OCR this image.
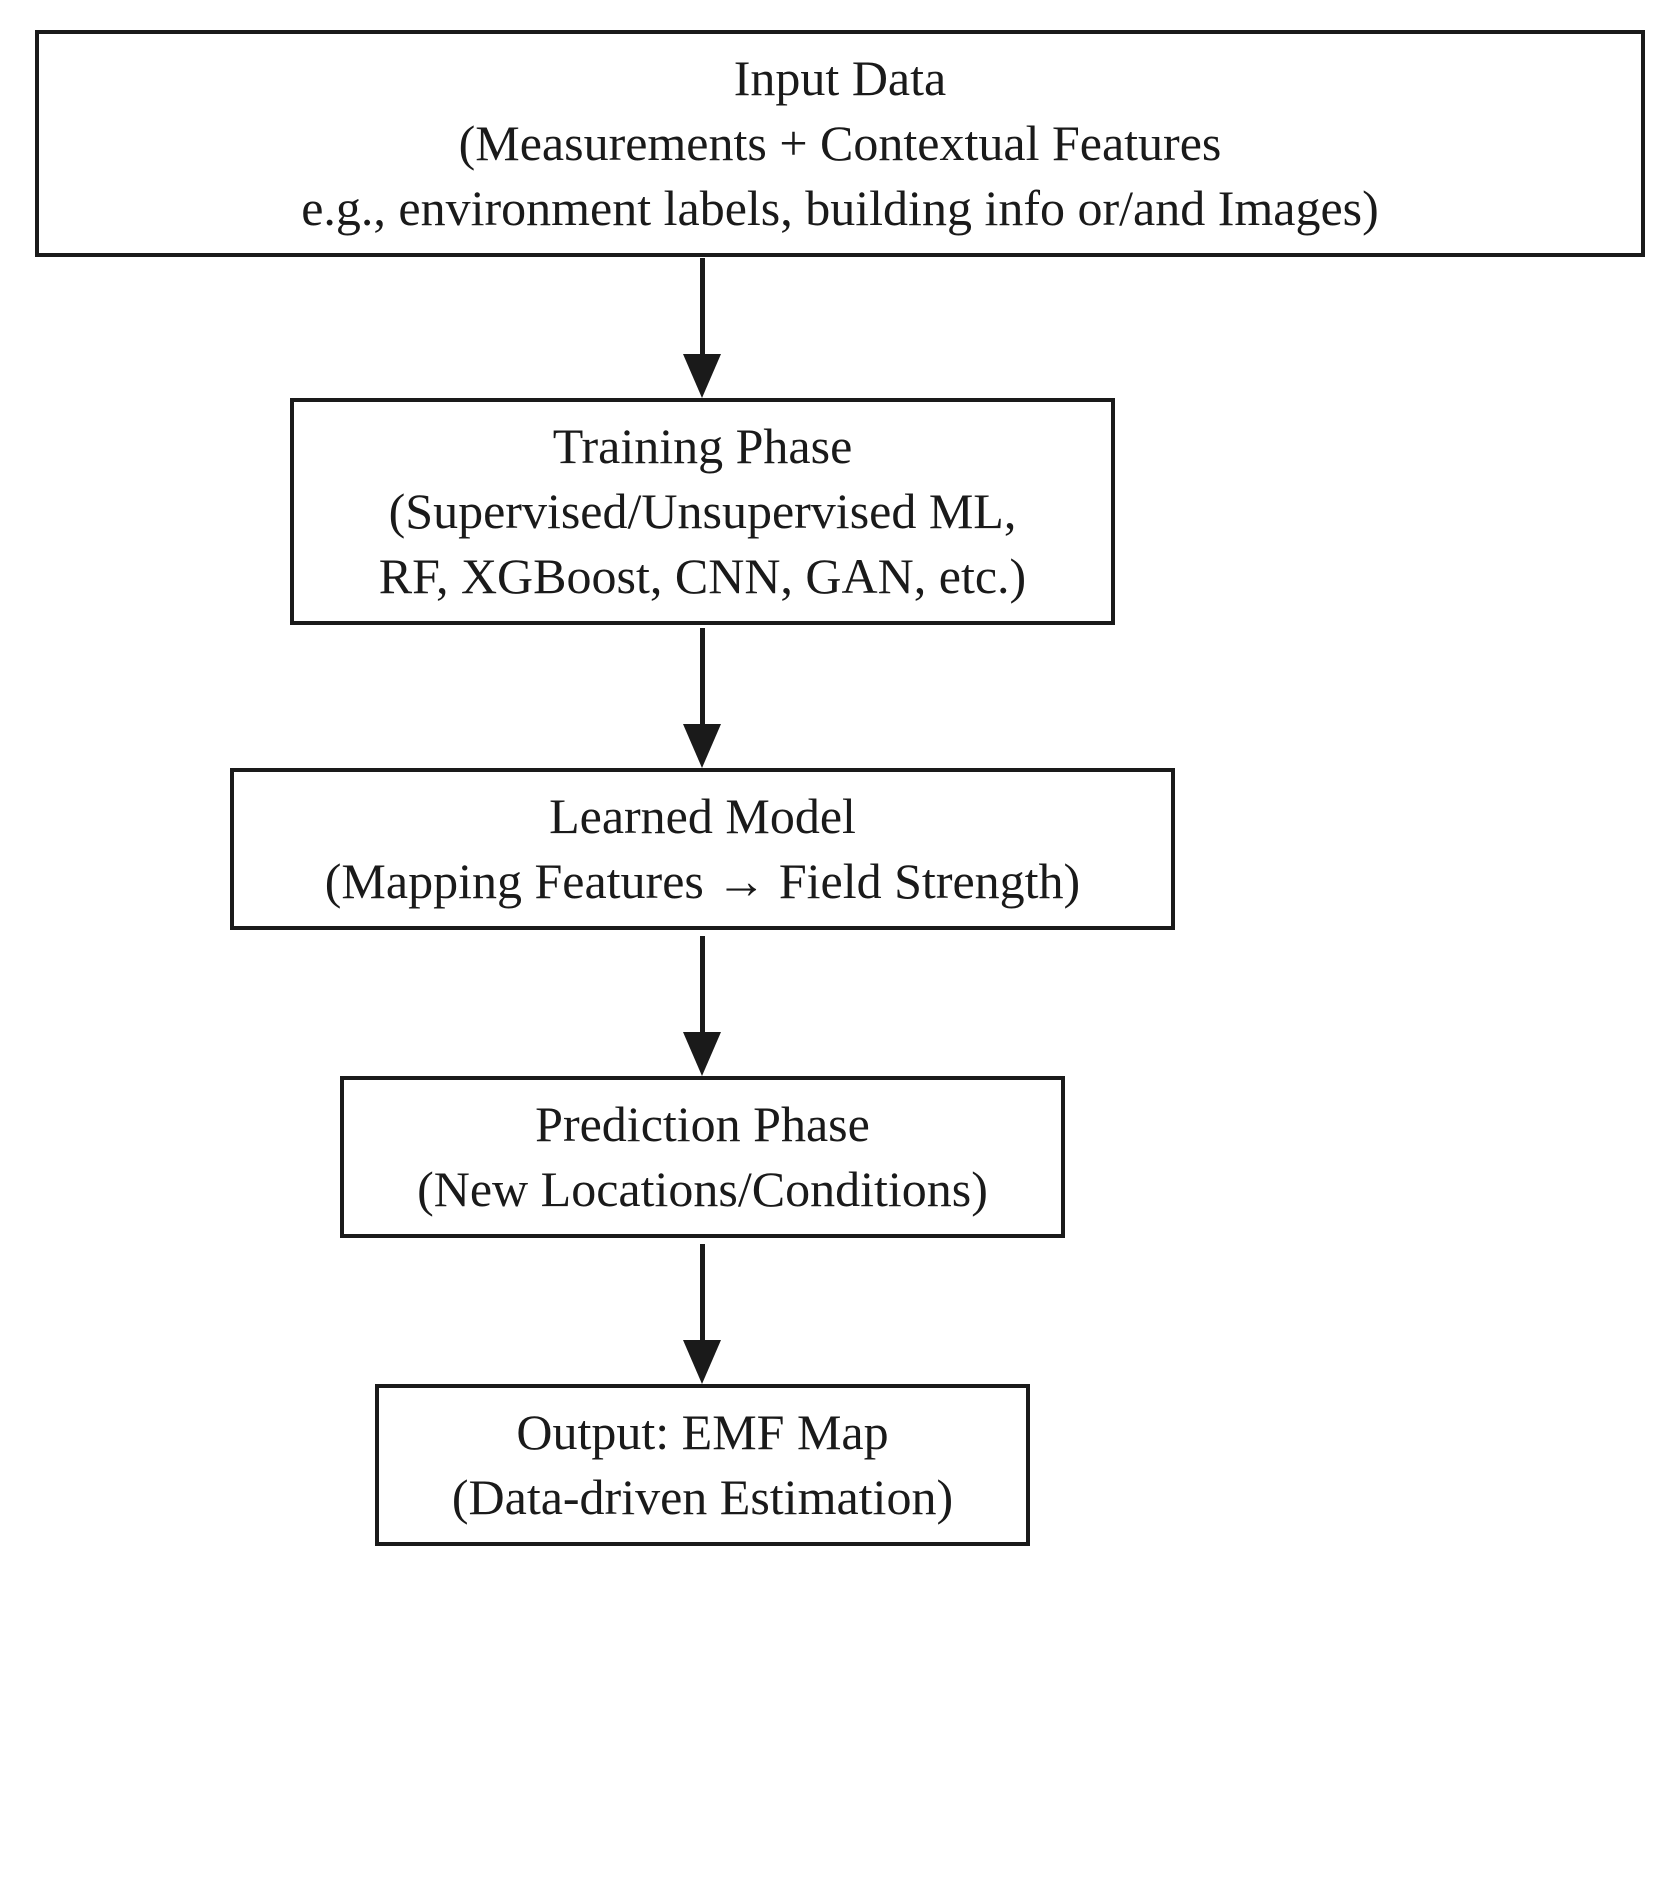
Input Data
(Measurements + Contextual Features
e.g., environment labels, building info or/and Images)
Training Phase
(Supervised/Unsupervised ML,
RF, XGBoost, CNN, GAN, etc.)
Learned Model
(Mapping Features → Field Strength)
Prediction Phase
(New Locations/Conditions)
Output: EMF Map
(Data-driven Estimation)
